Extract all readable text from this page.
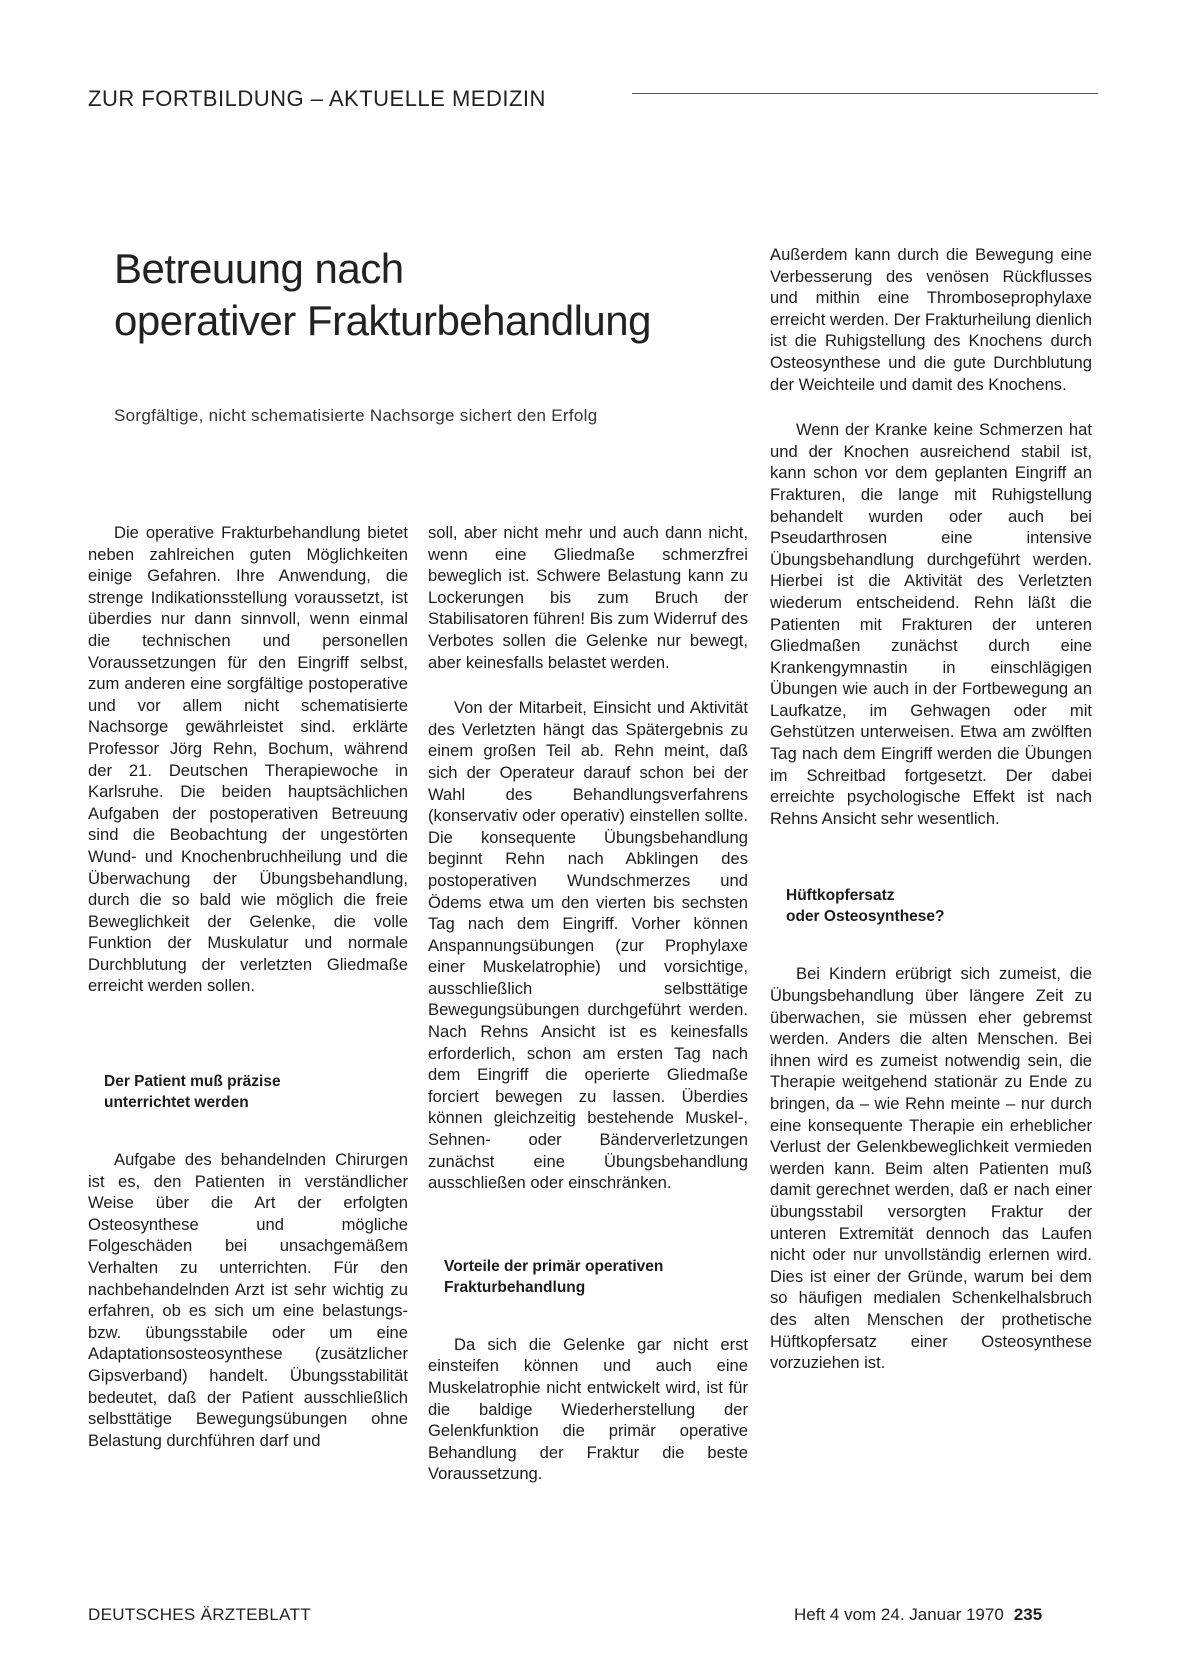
ZUR FORTBILDUNG – AKTUELLE MEDIZIN
Betreuung nach
operativer Frakturbehandlung
Sorgfältige, nicht schematisierte Nachsorge sichert den Erfolg

Die operative Frakturbehandlung bietet neben zahlreichen guten Möglichkeiten einige Gefahren. Ihre Anwendung, die strenge Indikationsstellung voraussetzt, ist überdies nur dann sinnvoll, wenn einmal die technischen und personellen Voraussetzungen für den Eingriff selbst, zum anderen eine sorgfältige postoperative und vor allem nicht schematisierte Nachsorge gewährleistet sind. erklärte Professor Jörg Rehn, Bochum, während der 21. Deutschen Therapiewoche in Karlsruhe. Die beiden hauptsächlichen Aufgaben der postoperativen Betreuung sind die Beobachtung der ungestörten Wund- und Knochenbruchheilung und die Überwachung der Übungsbehandlung, durch die so bald wie möglich die freie Beweglichkeit der Gelenke, die volle Funktion der Muskulatur und normale Durchblutung der verletzten Gliedmaße erreicht werden sollen.

Der Patient muß präzise
unterrichtet werden

Aufgabe des behandelnden Chirurgen ist es, den Patienten in verständlicher Weise über die Art der erfolgten Osteosynthese und mögliche Folgeschäden bei unsachgemäßem Verhalten zu unterrichten. Für den nachbehandelnden Arzt ist sehr wichtig zu erfahren, ob es sich um eine belastungs- bzw. übungsstabile oder um eine Adaptationsosteosynthese (zusätzlicher Gipsverband) handelt. Übungsstabilität bedeutet, daß der Patient ausschließlich selbsttätige Bewegungsübungen ohne Belastung durchführen darf und

soll, aber nicht mehr und auch dann nicht, wenn eine Gliedmaße schmerzfrei beweglich ist. Schwere Belastung kann zu Lockerungen bis zum Bruch der Stabilisatoren führen! Bis zum Widerruf des Verbotes sollen die Gelenke nur bewegt, aber keinesfalls belastet werden.

Von der Mitarbeit, Einsicht und Aktivität des Verletzten hängt das Spätergebnis zu einem großen Teil ab. Rehn meint, daß sich der Operateur darauf schon bei der Wahl des Behandlungsverfahrens (konservativ oder operativ) einstellen sollte. Die konsequente Übungsbehandlung beginnt Rehn nach Abklingen des postoperativen Wundschmerzes und Ödems etwa um den vierten bis sechsten Tag nach dem Eingriff. Vorher können Anspannungsübungen (zur Prophylaxe einer Muskelatrophie) und vorsichtige, ausschließlich selbsttätige Bewegungsübungen durchgeführt werden. Nach Rehns Ansicht ist es keinesfalls erforderlich, schon am ersten Tag nach dem Eingriff die operierte Gliedmaße forciert bewegen zu lassen. Überdies können gleichzeitig bestehende Muskel-, Sehnen- oder Bänderverletzungen zunächst eine Übungsbehandlung ausschließen oder einschränken.

Vorteile der primär operativen
Frakturbehandlung

Da sich die Gelenke gar nicht erst einsteifen können und auch eine Muskelatrophie nicht entwickelt wird, ist für die baldige Wiederherstellung der Gelenkfunktion die primär operative Behandlung der Fraktur die beste Voraussetzung.

Außerdem kann durch die Bewegung eine Verbesserung des venösen Rückflusses und mithin eine Thromboseprophylaxe erreicht werden. Der Frakturheilung dienlich ist die Ruhigstellung des Knochens durch Osteosynthese und die gute Durchblutung der Weichteile und damit des Knochens.

Wenn der Kranke keine Schmerzen hat und der Knochen ausreichend stabil ist, kann schon vor dem geplanten Eingriff an Frakturen, die lange mit Ruhigstellung behandelt wurden oder auch bei Pseudarthrosen eine intensive Übungsbehandlung durchgeführt werden. Hierbei ist die Aktivität des Verletzten wiederum entscheidend. Rehn läßt die Patienten mit Frakturen der unteren Gliedmaßen zunächst durch eine Krankengymnastin in einschlägigen Übungen wie auch in der Fortbewegung an Laufkatze, im Gehwagen oder mit Gehstützen unterweisen. Etwa am zwölften Tag nach dem Eingriff werden die Übungen im Schreitbad fortgesetzt. Der dabei erreichte psychologische Effekt ist nach Rehns Ansicht sehr wesentlich.

Hüftkopfersatz
oder Osteosynthese?

Bei Kindern erübrigt sich zumeist, die Übungsbehandlung über längere Zeit zu überwachen, sie müssen eher gebremst werden. Anders die alten Menschen. Bei ihnen wird es zumeist notwendig sein, die Therapie weitgehend stationär zu Ende zu bringen, da – wie Rehn meinte – nur durch eine konsequente Therapie ein erheblicher Verlust der Gelenkbeweglichkeit vermieden werden kann. Beim alten Patienten muß damit gerechnet werden, daß er nach einer übungsstabil versorgten Fraktur der unteren Extremität dennoch das Laufen nicht oder nur unvollständig erlernen wird. Dies ist einer der Gründe, warum bei dem so häufigen medialen Schenkelhalsbruch des alten Menschen der prothetische Hüftkopfersatz einer Osteosynthese vorzuziehen ist.

DEUTSCHES ÄRZTEBLATT	Heft 4 vom 24. Januar 1970 235
